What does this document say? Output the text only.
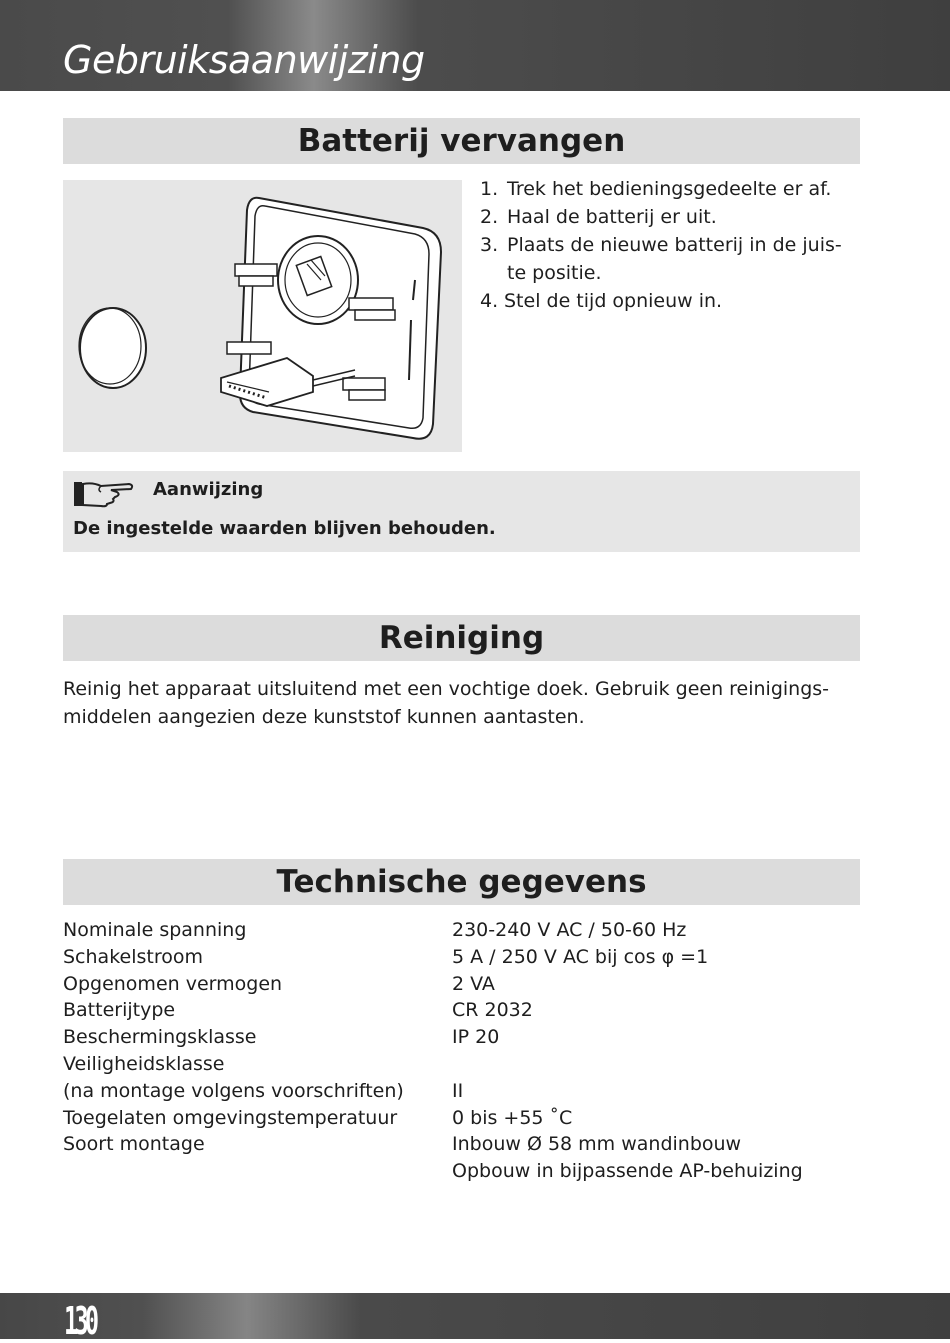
Gebruiksaanwijzing
Batterij vervangen
1. Trek het bedieningsgedeelte er af.
2. Haal de batterij er uit.
3. Plaats de nieuwe batterij in de juis-
te positie.
4. Stel de tijd opnieuw in.
Aanwijzing
De ingestelde waarden blijven behouden.
Reiniging

Reinig het apparaat uitsluitend met een vochtige doek. Gebruik geen reinigings-
middelen aangezien deze kunststof kunnen aantasten.

Technische gegevens
Nominale spanning	230-240 V AC / 50-60 Hz
Schakelstroom	5 A / 250 V AC bij cos φ =1
Opgenomen vermogen	2 VA
Batterijtype	CR 2032
Beschermingsklasse	IP 20
Veiligheidsklasse	
(na montage volgens voorschriften)	II
Toegelaten omgevingstemperatuur	0 bis +55 ˚C
Soort montage	Inbouw Ø 58 mm wandinbouw
	Opbouw in bijpassende AP-behuizing
130
